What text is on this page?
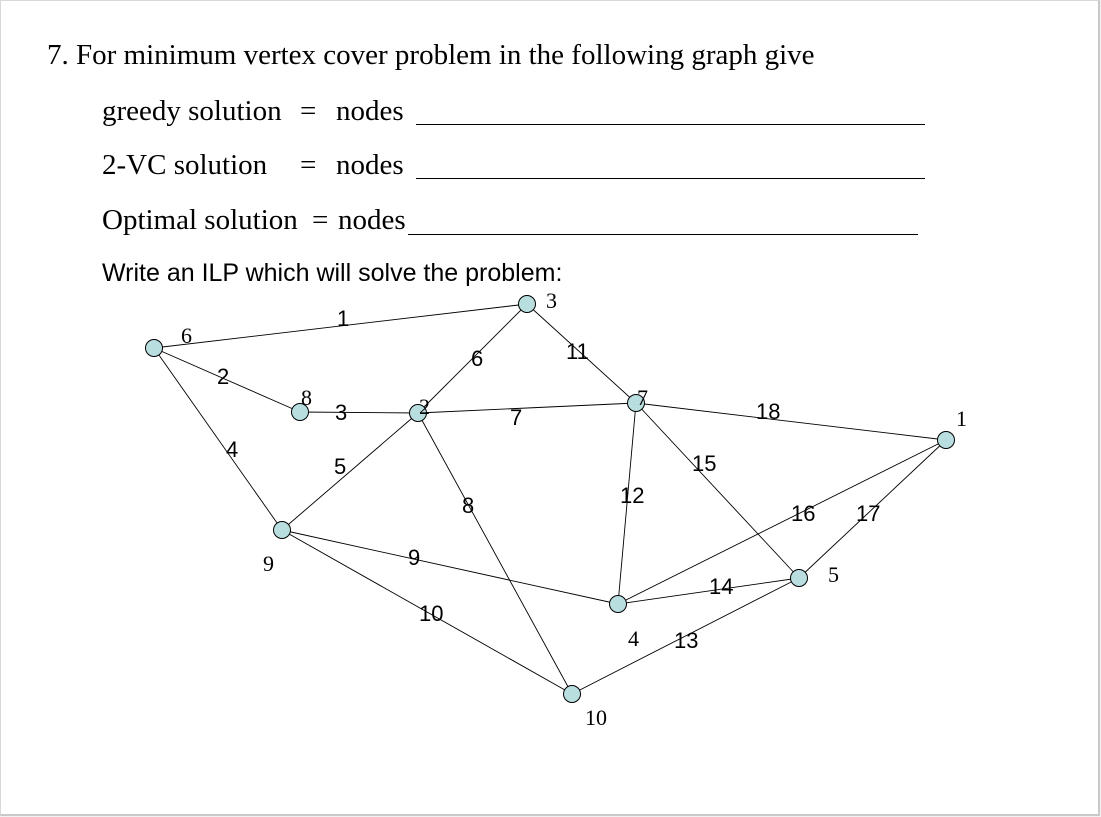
7. For minimum vertex cover problem in the following graph give
greedy solution = nodes
2-VC solution = nodes
Optimal solution = nodes
Write an ILP which will solve the problem:
1
2
3
4
5
6
7
8
9
10
11
12
13
14
15
16 17
18
6
3
8	2	7
1
9
4
5
10
